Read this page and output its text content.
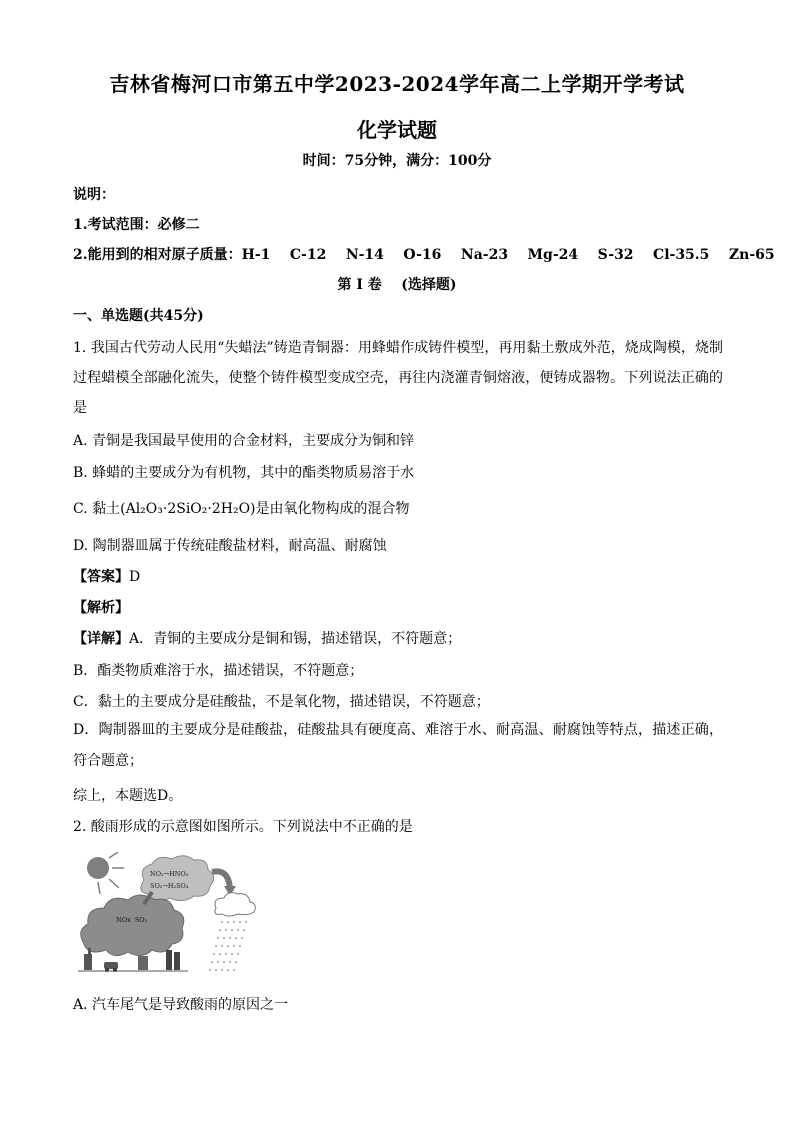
吉林省梅河口市第五中学2023-2024学年高二上学期开学考试
化学试题
时间：75分钟，满分：100分
说明：
1.考试范围：必修二
2.能用到的相对原子质量：H-1    C-12    N-14    O-16    Na-23    Mg-24    S-32    Cl-35.5    Zn-65
第 I 卷    (选择题)
一、单选题(共45分)
1. 我国古代劳动人民用“失蜡法”铸造青铜器：用蜂蜡作成铸件模型，再用黏土敷成外范，烧成陶模，烧制过程蜡模全部融化流失，使整个铸件模型变成空壳，再往内浇灌青铜熔液，便铸成器物。下列说法正确的是
A. 青铜是我国最早使用的合金材料，主要成分为铜和锌
B. 蜂蜡的主要成分为有机物，其中的酯类物质易溶于水
C. 黏土(Al₂O₃·2SiO₂·2H₂O)是由氧化物构成的混合物
D. 陶制器皿属于传统硅酸盐材料，耐高温、耐腐蚀
【答案】D
【解析】
【详解】A．青铜的主要成分是铜和锡，描述错误，不符题意；
B．酯类物质难溶于水，描述错误，不符题意；
C．黏土的主要成分是硅酸盐，不是氧化物，描述错误，不符题意；
D．陶制器皿的主要成分是硅酸盐，硅酸盐具有硬度高、难溶于水、耐高温、耐腐蚀等特点，描述正确，符合题意；
综上，本题选D。
2. 酸雨形成的示意图如图所示。下列说法中不正确的是
NO₂→HNO₃
SO₂→H₂SO₄
NOx  SO₂
A. 汽车尾气是导致酸雨的原因之一
